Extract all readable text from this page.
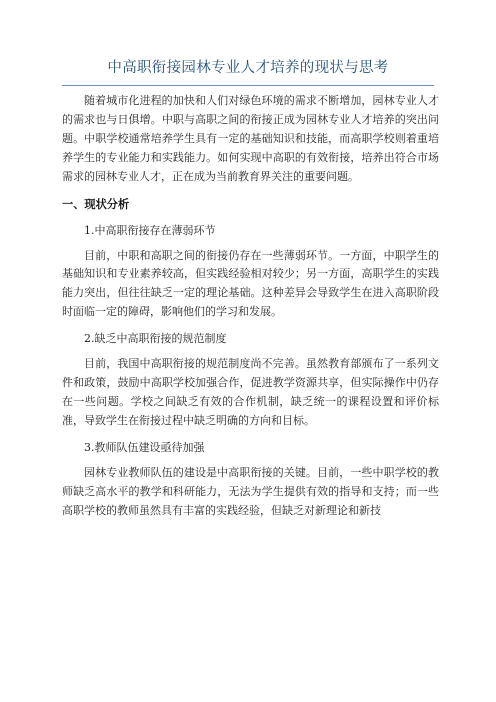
中高职衔接园林专业人才培养的现状与思考

随着城市化进程的加快和人们对绿色环境的需求不断增加，园林专业人才的需求也与日俱增。中职与高职之间的衔接正成为园林专业人才培养的突出问题。中职学校通常培养学生具有一定的基础知识和技能，而高职学校则着重培养学生的专业能力和实践能力。如何实现中高职的有效衔接，培养出符合市场需求的园林专业人才，正在成为当前教育界关注的重要问题。

一、现状分析
1.中高职衔接存在薄弱环节

目前，中职和高职之间的衔接仍存在一些薄弱环节。一方面，中职学生的基础知识和专业素养较高，但实践经验相对较少；另一方面，高职学生的实践能力突出，但往往缺乏一定的理论基础。这种差异会导致学生在进入高职阶段时面临一定的障碍，影响他们的学习和发展。

2.缺乏中高职衔接的规范制度

目前，我国中高职衔接的规范制度尚不完善。虽然教育部颁布了一系列文件和政策，鼓励中高职学校加强合作，促进教学资源共享，但实际操作中仍存在一些问题。学校之间缺乏有效的合作机制，缺乏统一的课程设置和评价标准，导致学生在衔接过程中缺乏明确的方向和目标。

3.教师队伍建设亟待加强

园林专业教师队伍的建设是中高职衔接的关键。目前，一些中职学校的教师缺乏高水平的教学和科研能力，无法为学生提供有效的指导和支持；而一些高职学校的教师虽然具有丰富的实践经验，但缺乏对新理论和新技
